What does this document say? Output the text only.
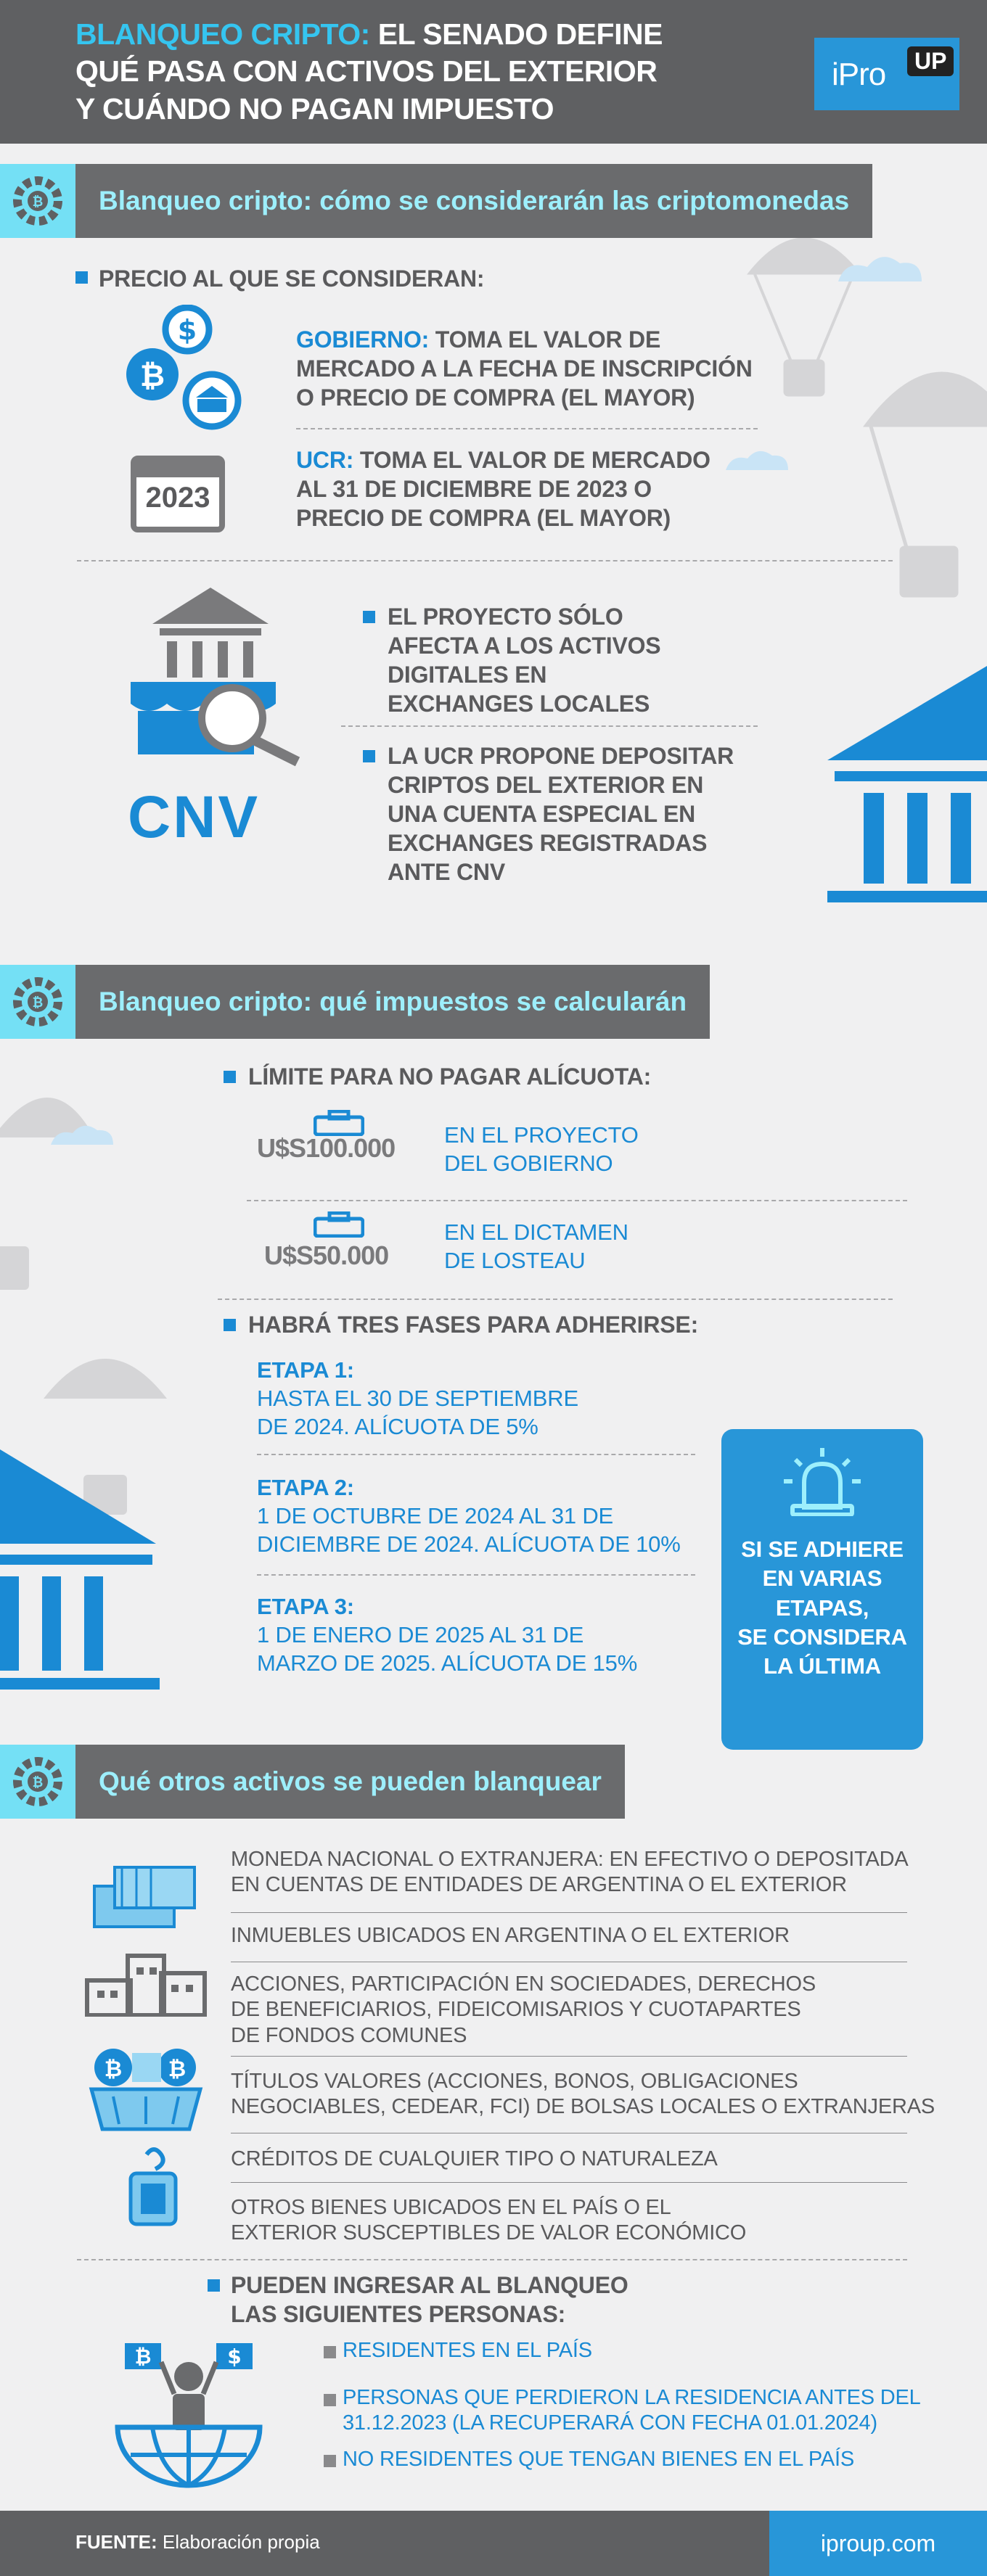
BLANQUEO CRIPTO: EL SENADO DEFINE
QUÉ PASA CON ACTIVOS DEL EXTERIOR
Y CUÁNDO NO PAGAN IMPUESTO
iPro	UP
₿	Blanqueo cripto: cómo se considerarán las criptomonedas
PRECIO AL QUE SE CONSIDERAN:
$
₿
GOBIERNO: TOMA EL VALOR DE
MERCADO A LA FECHA DE INSCRIPCIÓN
O PRECIO DE COMPRA (EL MAYOR)
2023
UCR: TOMA EL VALOR DE MERCADO
AL 31 DE DICIEMBRE DE 2023 O
PRECIO DE COMPRA (EL MAYOR)
CNV
EL PROYECTO SÓLO
AFECTA A LOS ACTIVOS
DIGITALES EN
EXCHANGES LOCALES
LA UCR PROPONE DEPOSITAR
CRIPTOS DEL EXTERIOR EN
UNA CUENTA ESPECIAL EN
EXCHANGES REGISTRADAS
ANTE CNV
₿	Blanqueo cripto: qué impuestos se calcularán
LÍMITE PARA NO PAGAR ALÍCUOTA:
U$S100.000 EN EL PROYECTO
DEL GOBIERNO
U$S50.000
EN EL DICTAMEN
DE LOSTEAU
HABRÁ TRES FASES PARA ADHERIRSE:
ETAPA 1:
HASTA EL 30 DE SEPTIEMBRE
DE 2024. ALÍCUOTA DE 5%
ETAPA 2:
1 DE OCTUBRE DE 2024 AL 31 DE
DICIEMBRE DE 2024. ALÍCUOTA DE 10%
ETAPA 3:
1 DE ENERO DE 2025 AL 31 DE
MARZO DE 2025. ALÍCUOTA DE 15%
SI SE ADHIERE
EN VARIAS
ETAPAS,
SE CONSIDERA
LA ÚLTIMA
₿	Qué otros activos se pueden blanquear
₿ ₿
MONEDA NACIONAL O EXTRANJERA: EN EFECTIVO O DEPOSITADA
EN CUENTAS DE ENTIDADES DE ARGENTINA O EL EXTERIOR
INMUEBLES UBICADOS EN ARGENTINA O EL EXTERIOR
ACCIONES, PARTICIPACIÓN EN SOCIEDADES, DERECHOS
DE BENEFICIARIOS, FIDEICOMISARIOS Y CUOTAPARTES
DE FONDOS COMUNES
TÍTULOS VALORES (ACCIONES, BONOS, OBLIGACIONES
NEGOCIABLES, CEDEAR, FCI) DE BOLSAS LOCALES O EXTRANJERAS
CRÉDITOS DE CUALQUIER TIPO O NATURALEZA
OTROS BIENES UBICADOS EN EL PAÍS O EL
EXTERIOR SUSCEPTIBLES DE VALOR ECONÓMICO
PUEDEN INGRESAR AL BLANQUEO
LAS SIGUIENTES PERSONAS:
₿	$	RESIDENTES EN EL PAÍS
PERSONAS QUE PERDIERON LA RESIDENCIA ANTES DEL
31.12.2023 (LA RECUPERARÁ CON FECHA 01.01.2024)
NO RESIDENTES QUE TENGAN BIENES EN EL PAÍS
FUENTE: Elaboración propia	iproup.com
